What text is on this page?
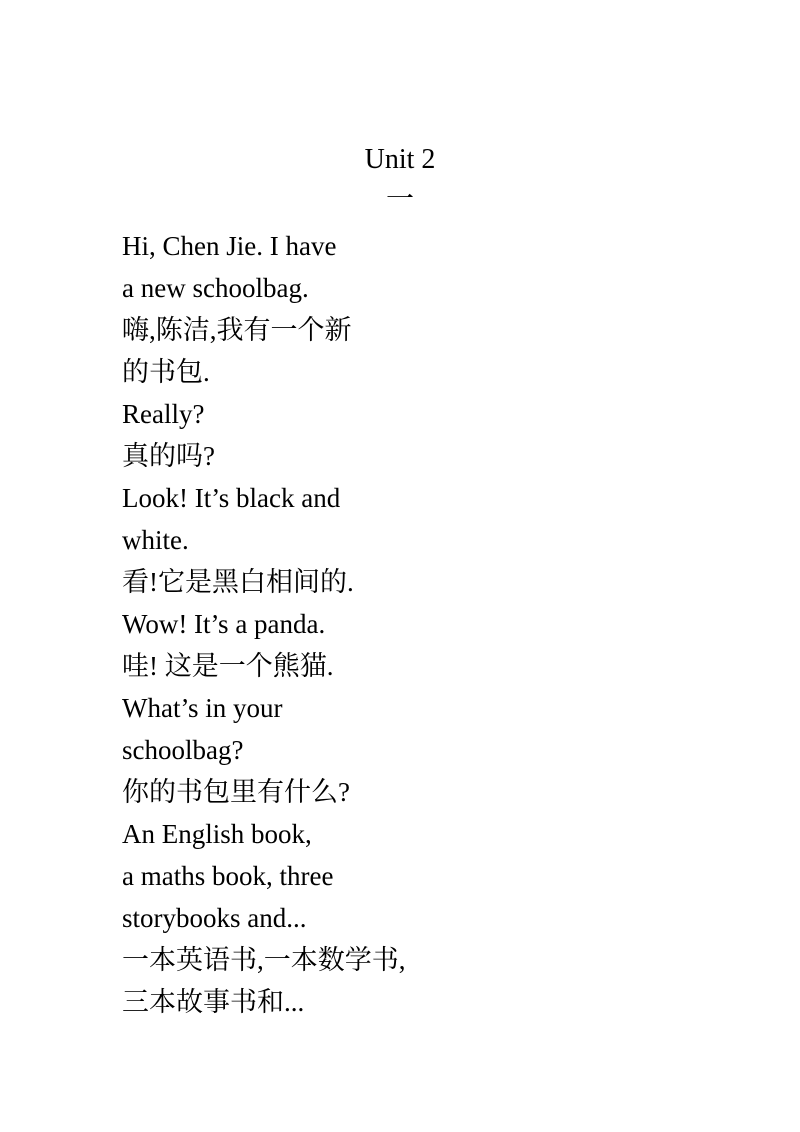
Unit 2
一
Hi, Chen Jie. I have
a new schoolbag.
嗨,陈洁,我有一个新
的书包.
Really?
真的吗?
Look! It’s black and
white.
看!它是黑白相间的.
Wow! It’s a panda.
哇! 这是一个熊猫.
What’s in your
schoolbag?
你的书包里有什么?
An English book,
a maths book, three
storybooks and...
一本英语书,一本数学书,
三本故事书和...
